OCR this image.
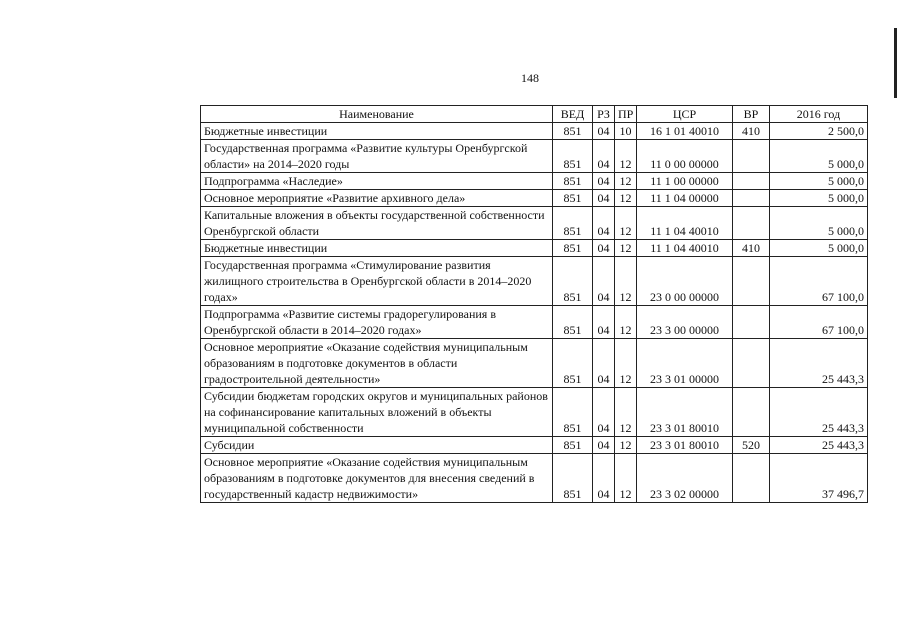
148
Наименование	ВЕД	РЗ	ПР	ЦСР	ВР	2016 год
Бюджетные инвестиции	851	04	10	16 1 01 40010	410	2 500,0
Государственная программа «Развитие культуры Оренбургской области» на 2014–2020 годы	851	04	12	11 0 00 00000		5 000,0
Подпрограмма «Наследие»	851	04	12	11 1 00 00000		5 000,0
Основное мероприятие «Развитие архивного дела»	851	04	12	11 1 04 00000		5 000,0
Капитальные вложения в объекты государственной собственности Оренбургской области	851	04	12	11 1 04 40010		5 000,0
Бюджетные инвестиции	851	04	12	11 1 04 40010	410	5 000,0
Государственная программа «Стимулирование развития жилищного строительства в Оренбургской области в 2014–2020 годах»	851	04	12	23 0 00 00000		67 100,0
Подпрограмма «Развитие системы градорегулирования в Оренбургской области в 2014–2020 годах»	851	04	12	23 3 00 00000		67 100,0
Основное мероприятие «Оказание содействия муниципальным образованиям в подготовке документов в области градостроительной деятельности»	851	04	12	23 3 01 00000		25 443,3
Субсидии бюджетам городских округов и муниципальных районов на софинансирование капитальных вложений в объекты муниципальной собственности	851	04	12	23 3 01 80010		25 443,3
Субсидии	851	04	12	23 3 01 80010	520	25 443,3
Основное мероприятие «Оказание содействия муниципальным образованиям в подготовке документов для внесения сведений в государственный кадастр недвижимости»	851	04	12	23 3 02 00000		37 496,7
